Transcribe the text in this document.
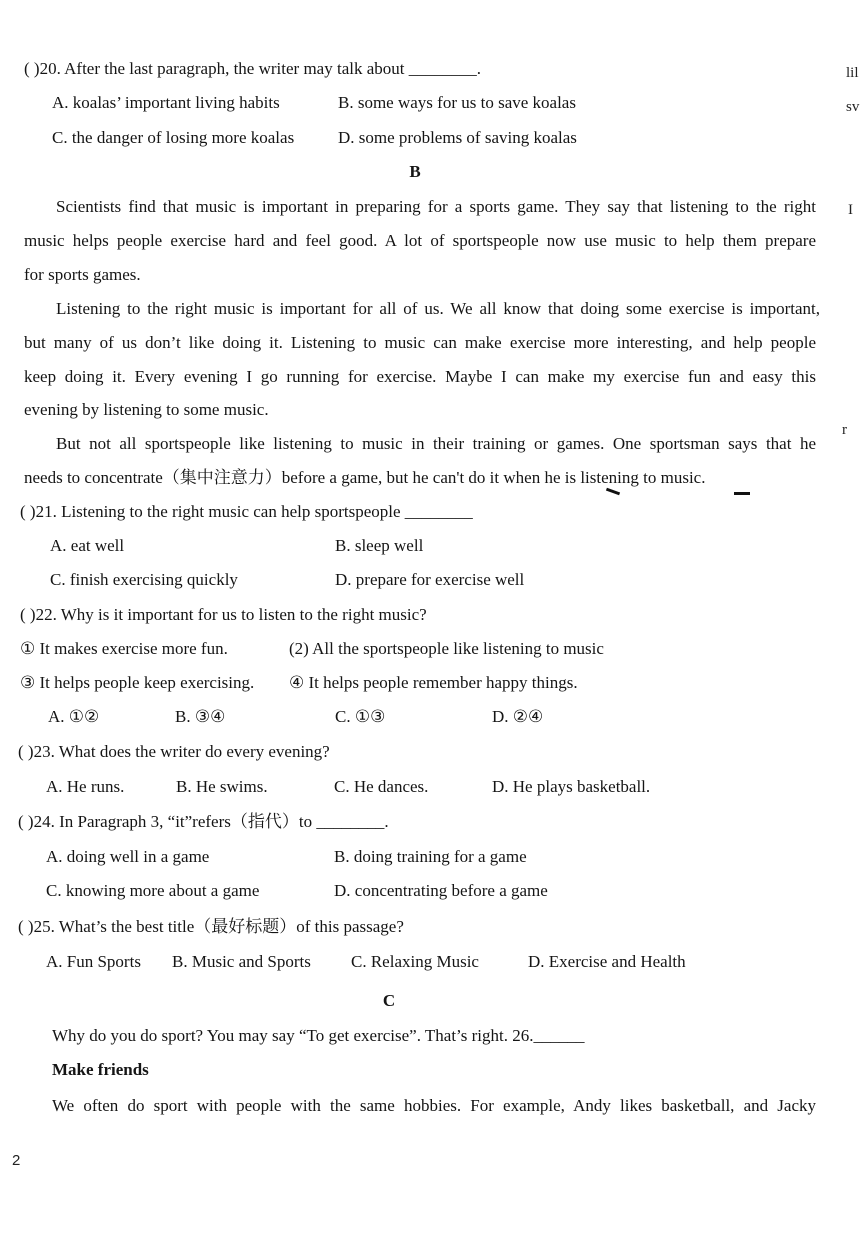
( )20. After the last paragraph, the writer may talk about ________.
A. koalas’ important living habits	B. some ways for us to save koalas
C. the danger of losing more koalas	D. some problems of saving koalas
lil
sv
I
r
B
Scientists find that music is important in preparing for a sports game. They say that listening to the right
music helps people exercise hard and feel good. A lot of sportspeople now use music to help them prepare
for sports games.
Listening to the right music is important for all of us. We all know that doing some exercise is important,
but many of us don’t like doing it. Listening to music can make exercise more interesting, and help people
keep doing it. Every evening I go running for exercise. Maybe I can make my exercise fun and easy this
evening by listening to some music.
But not all sportspeople like listening to music in their training or games. One sportsman says that he
needs to concentrate（集中注意力）before a game, but he can't do it when he is listening to music.
( )21. Listening to the right music can help sportspeople ________
A. eat well	B. sleep well
C. finish exercising quickly	D. prepare for exercise well
( )22. Why is it important for us to listen to the right music?
① It makes exercise more fun.	(2) All the sportspeople like listening to music
③ It helps people keep exercising. ④ It helps people remember happy things.
A. ①②	B. ③④	C. ①③	D. ②④
( )23. What does the writer do every evening?
A. He runs.	B. He swims.	C. He dances.	D. He plays basketball.
( )24. In Paragraph 3, “it”refers（指代）to ________.
A. doing well in a game	B. doing training for a game
C. knowing more about a game	D. concentrating before a game
( )25. What’s the best title（最好标题）of this passage?
A. Fun Sports B. Music and Sports C. Relaxing Music	D. Exercise and Health
C
Why do you do sport? You may say “To get exercise”. That’s right. 26.______
Make friends
We often do sport with people with the same hobbies. For example, Andy likes basketball, and Jacky
2
